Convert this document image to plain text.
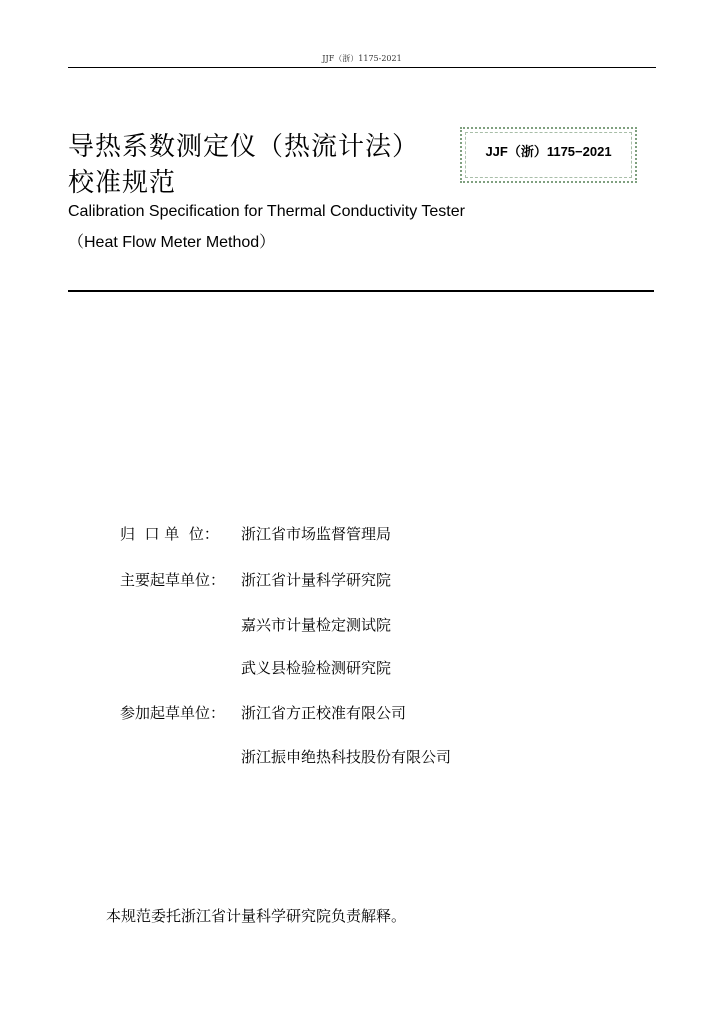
JJF（浙）1175-2021
导热系数测定仪（热流计法）
校准规范
JJF（浙）1175−2021
Calibration Specification for Thermal Conductivity Tester
（Heat Flow Meter Method）
归  口 单  位： 浙江省市场监督管理局
主要起草单位： 浙江省计量科学研究院
嘉兴市计量检定测试院
武义县检验检测研究院
参加起草单位： 浙江省方正校准有限公司
浙江振申绝热科技股份有限公司
本规范委托浙江省计量科学研究院负责解释。
